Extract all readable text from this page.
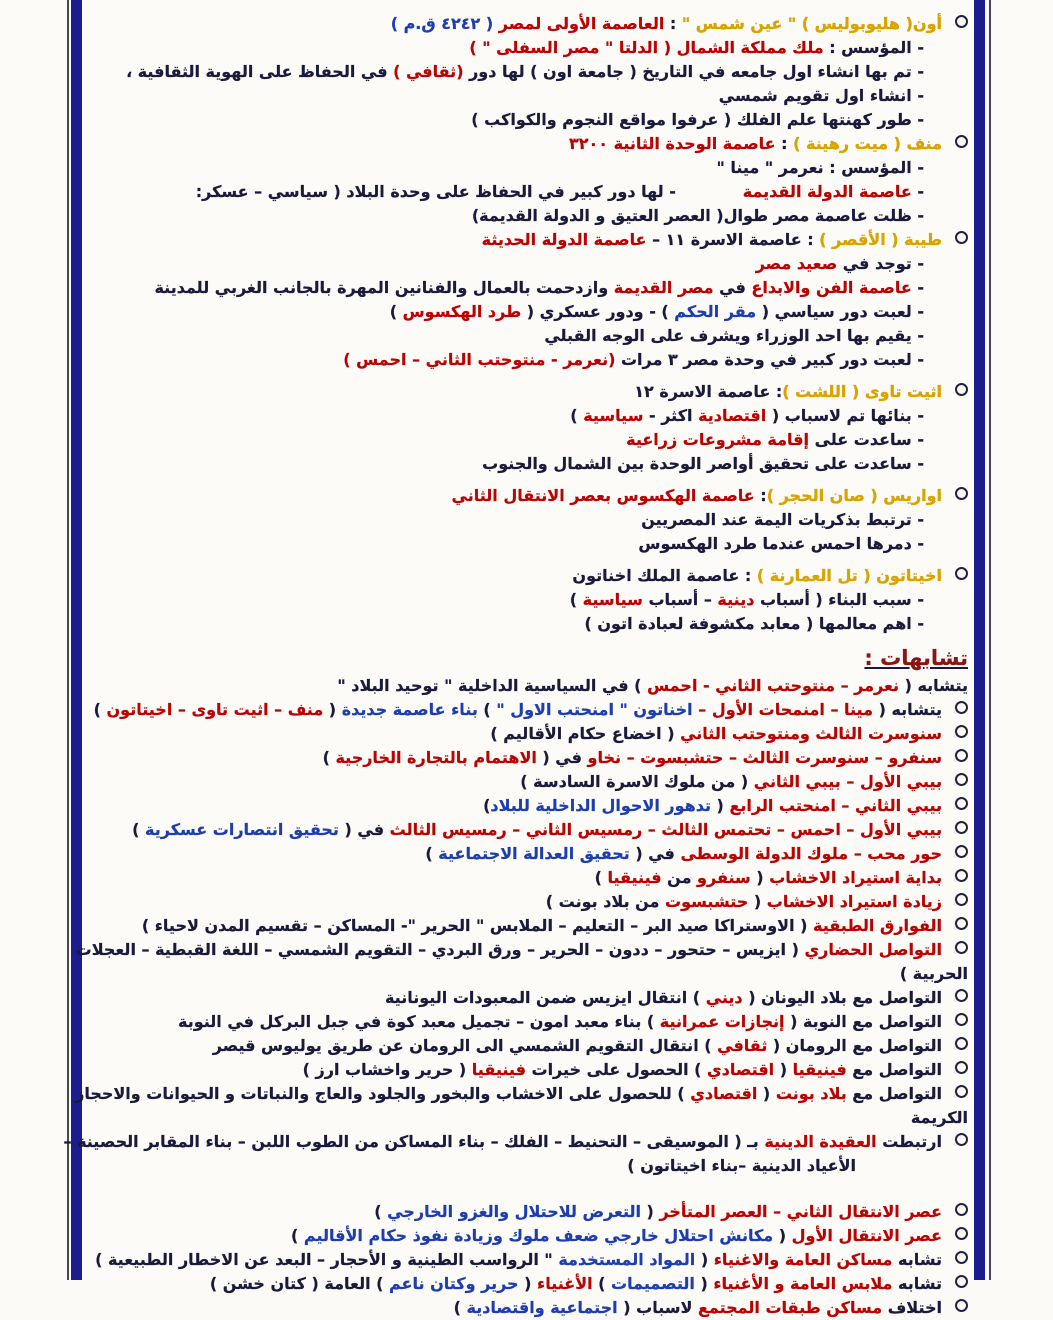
أون( هليوبوليس ) " عين شمس " : العاصمة الأولى لمصر ( ٤٢٤٢ ق.م )
- المؤسس : ملك مملكة الشمال ( الدلتا " مصر السفلى " )
- تم بها انشاء اول جامعه في التاريخ ( جامعة اون ) لها دور (ثقافي ) في الحفاظ على الهوية الثقافية ،
- انشاء اول تقويم شمسي
- طور كهنتها علم الفلك ( عرفوا مواقع النجوم والكواكب )
منف ( ميت رهينة ) : عاصمة الوحدة الثانية ٣٢٠٠
- المؤسس : نعرمر " مينا "
- عاصمة الدولة القديمة            - لها دور كبير في الحفاظ على وحدة البلاد ( سياسي – عسكر:
- ظلت عاصمة مصر طوال( العصر العتيق و الدولة القديمة)
طيبة ( الأقصر ) : عاصمة الاسرة ١١ – عاصمة الدولة الحديثة
- توجد في صعيد مصر
- عاصمة الفن والابداع في مصر القديمة وازدحمت بالعمال والفنانين المهرة بالجانب الغربي للمدينة
- لعبت دور سياسي ( مقر الحكم ) - ودور عسكري ( طرد الهكسوس )
- يقيم بها احد الوزراء ويشرف على الوجه القبلي
- لعبت دور كبير في وحدة مصر ٣ مرات (نعرمر - منتوحتب الثاني – احمس )
اثيت تاوى ( اللشت ): عاصمة الاسرة ١٢
- بنائها تم لاسباب ( اقتصادية اكثر - سياسية )
- ساعدت على إقامة مشروعات زراعية
- ساعدت على تحقيق أواصر الوحدة بين الشمال والجنوب
اواريس ( صان الحجر ): عاصمة الهكسوس بعصر الانتقال الثاني
- ترتبط بذكريات اليمة عند المصريين
- دمرها احمس عندما طرد الهكسوس
اخيتاتون ( تل العمارنة ) : عاصمة الملك اخناتون
- سبب البناء ( أسباب دينية – أسباب سياسية )
- اهم معالمها ( معابد مكشوفة لعبادة اتون )
تشابهات :
يتشابه ( نعرمر – منتوحتب الثاني - احمس ) في السياسية الداخلية " توحيد البلاد "
يتشابه ( مينا – امنمحات الأول – اخناتون " امنحتب الاول " ) بناء عاصمة جديدة ( منف – اثيت تاوى – اخيتاتون )
سنوسرت الثالث ومنتوحتب الثاني ( اخضاع حكام الأقاليم )
سنفرو – سنوسرت الثالث – حتشبسوت – نخاو في ( الاهتمام بالتجارة الخارجية )
بيبي الأول – بيبي الثاني ( من ملوك الاسرة السادسة )
بيبي الثاني – امنحتب الرابع ( تدهور الاحوال الداخلية للبلاد)
بيبي الأول – احمس – تحتمس الثالث – رمسيس الثاني – رمسيس الثالث في ( تحقيق انتصارات عسكرية )
حور محب – ملوك الدولة الوسطى في ( تحقيق العدالة الاجتماعية )
بداية استيراد الاخشاب ( سنفرو من فينيقيا )
زيادة استيراد الاخشاب ( حتشبسوت من بلاد بونت )
الفوارق الطبقية ( الاوستراكا صيد البر – التعليم – الملابس " الحرير "- المساكن – تقسيم المدن لاحياء )
التواصل الحضاري ( ايزيس – حتحور – ددون – الحرير – ورق البردي – التقويم الشمسي – اللغة القبطية – العجلات الحربية )
التواصل مع بلاد اليونان ( ديني ) انتقال ايزيس ضمن المعبودات اليونانية
التواصل مع النوبة ( إنجازات عمرانية ) بناء معبد امون – تجميل معبد كوة في جبل البركل في النوبة
التواصل مع الرومان ( ثقافي ) انتقال التقويم الشمسي الى الرومان عن طريق يوليوس قيصر
التواصل مع فينيقيا ( اقتصادي ) الحصول على خيرات فينيقيا ( حرير واخشاب ارز )
التواصل مع بلاد بونت ( اقتصادي ) للحصول على الاخشاب والبخور والجلود والعاج والنباتات و الحيوانات والاحجار الكريمة
ارتبطت العقيدة الدينية بـ ( الموسيقى – التحنيط – الفلك – بناء المساكن من الطوب اللبن – بناء المقابر الحصينة –
الأعياد الدينية –بناء اخيتاتون )
عصر الانتقال الثاني – العصر المتأخر ( التعرض للاحتلال والغزو الخارجي )
عصر الانتقال الأول ( مكانش احتلال خارجي ضعف ملوك وزيادة نفوذ حكام الأقاليم )
تشابه مساكن العامة والاغنياء ( المواد المستخدمة " الرواسب الطينية و الأحجار – البعد عن الاخطار الطبيعية )
تشابه ملابس العامة و الأغنياء ( التصميمات ) الأغنياء ( حرير وكتان ناعم ) العامة ( كتان خشن )
اختلاف مساكن طبقات المجتمع لاسباب ( اجتماعية واقتصادية )
